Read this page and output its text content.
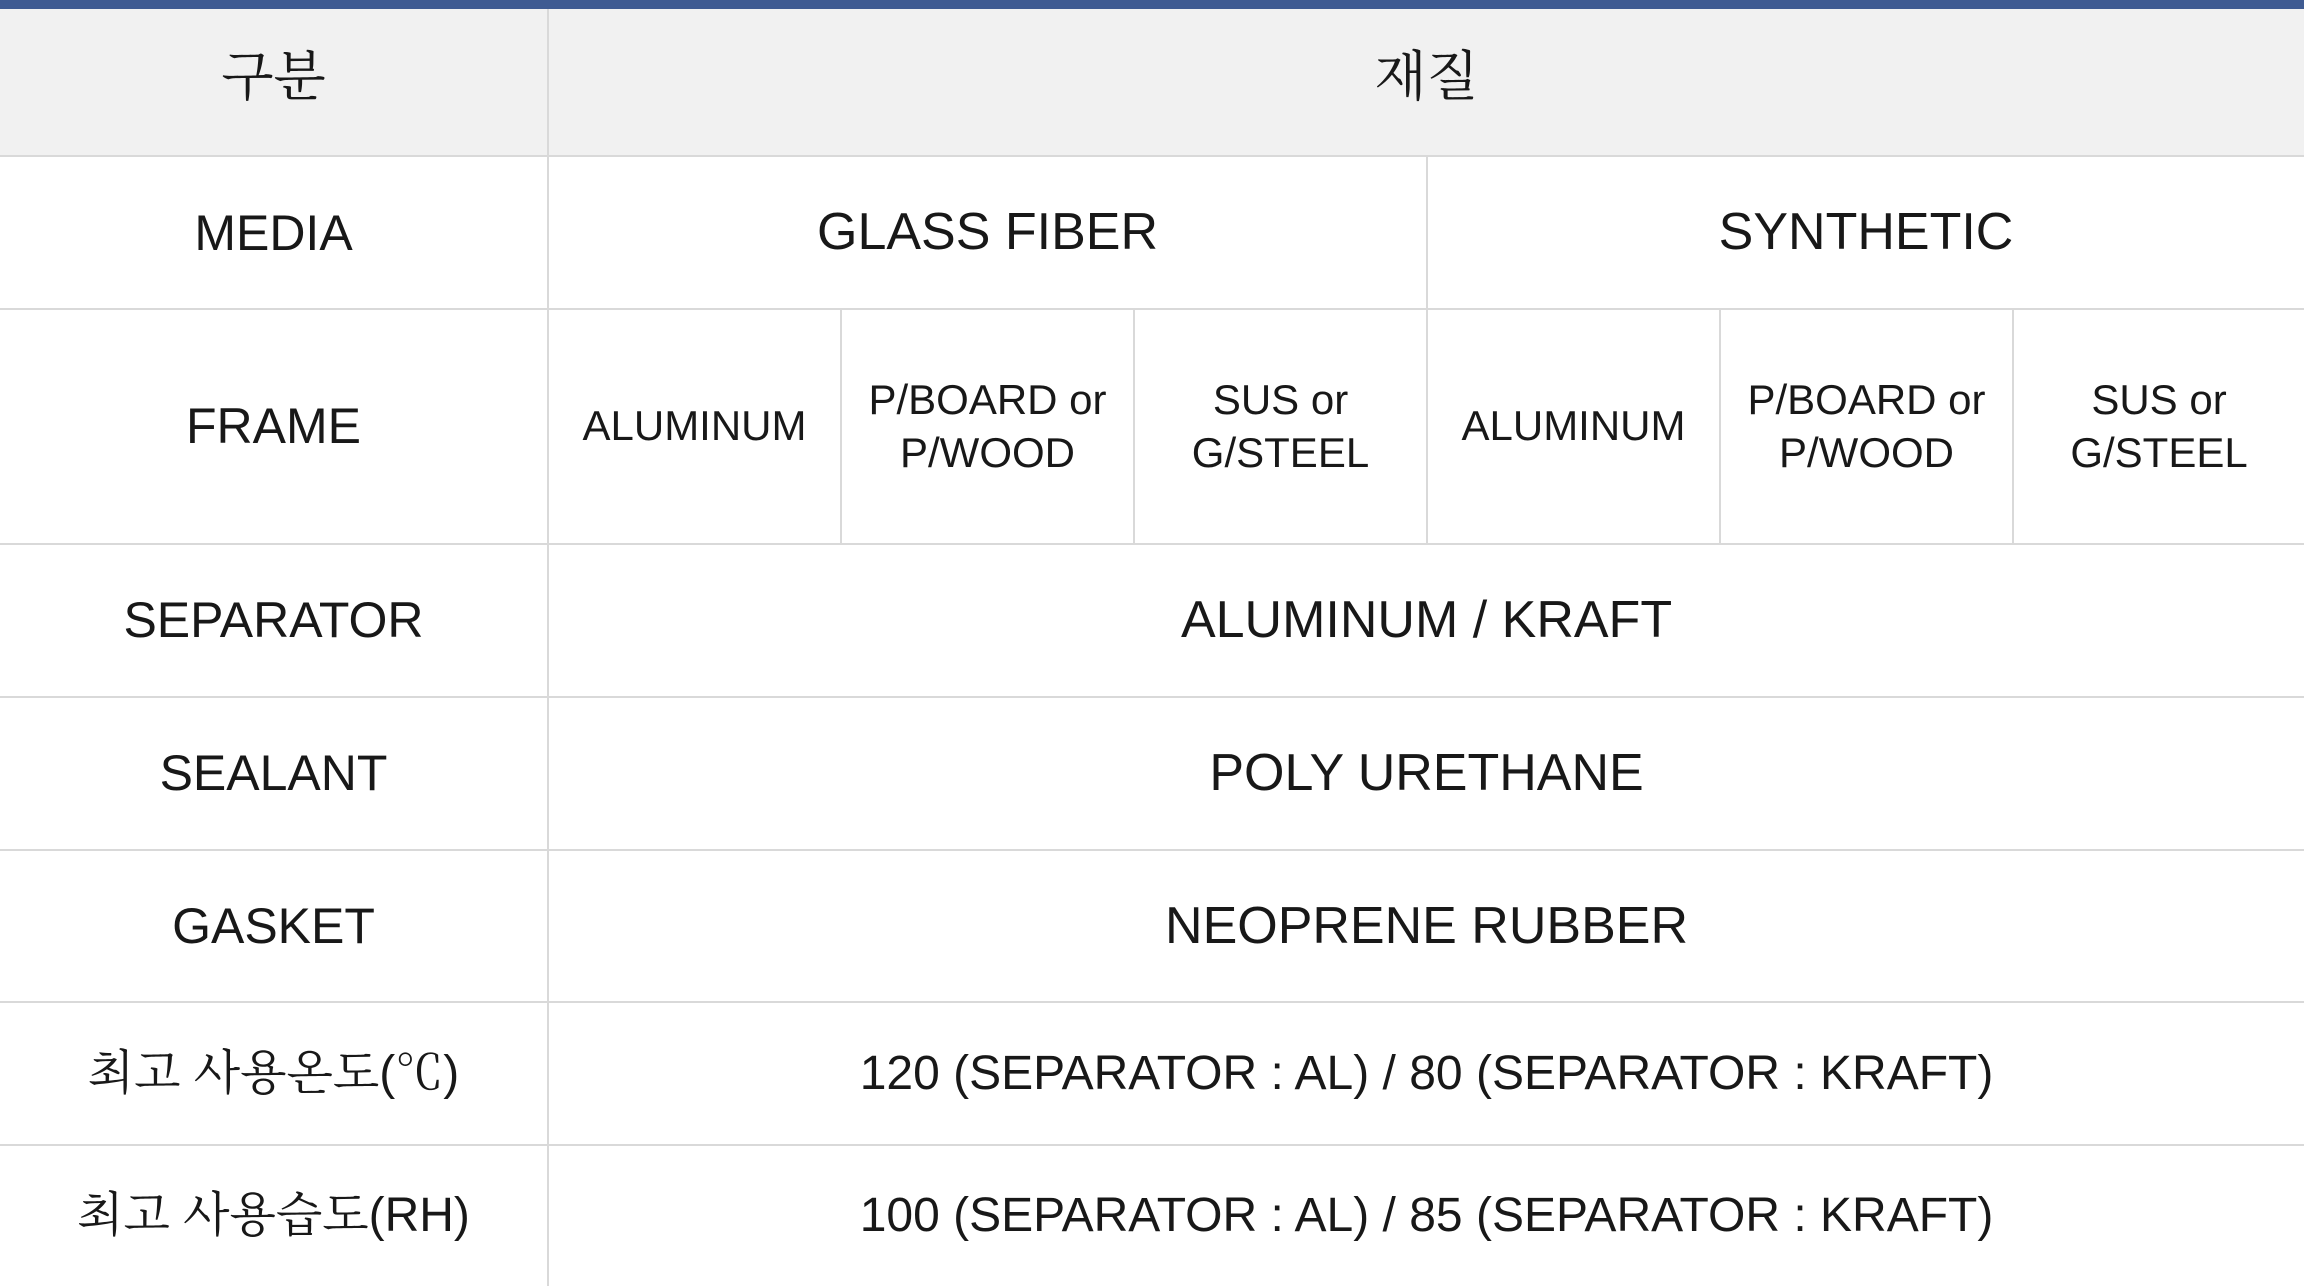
구분	재질					
MEDIA	GLASS FIBER			SYNTHETIC		
FRAME	ALUMINUM	P/BOARD or P/WOOD	SUS or G/STEEL	ALUMINUM	P/BOARD or P/WOOD	SUS or G/STEEL
SEPARATOR	ALUMINUM / KRAFT					
SEALANT	POLY URETHANE					
GASKET	NEOPRENE RUBBER					
최고 사용온도(℃)	120 (SEPARATOR : AL) / 80 (SEPARATOR : KRAFT)					
최고 사용습도(RH)	100 (SEPARATOR : AL) / 85 (SEPARATOR : KRAFT)					
